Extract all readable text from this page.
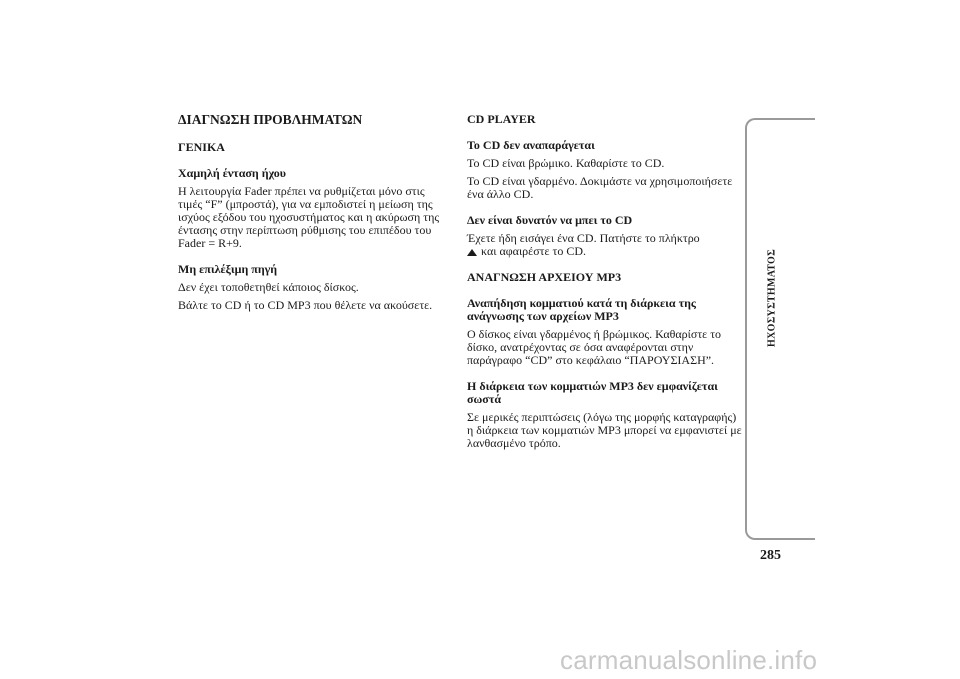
ΔΙΑΓΝΩΣΗ ΠΡΟΒΛΗΜΑΤΩΝ
ΓΕΝΙΚΑ
Χαμηλή ένταση ήχου
Η λειτουργία Fader πρέπει να ρυθμίζεται μόνο στις τιμές “F” (μπροστά), για να εμποδιστεί η μείωση της ισχύος εξόδου του ηχοσυστήματος και η ακύρωση της έντασης στην περίπτωση ρύθμισης του επιπέδου του Fader = R+9.
Μη επιλέξιμη πηγή
Δεν έχει τοποθετηθεί κάποιος δίσκος.
Βάλτε το CD ή το CD MP3 που θέλετε να ακούσετε.
CD PLAYER
Το CD δεν αναπαράγεται
Το CD είναι βρώμικο. Καθαρίστε το CD.
Το CD είναι γδαρμένο. Δοκιμάστε να χρησιμοποιήσετε ένα άλλο CD.
Δεν είναι δυνατόν να μπει το CD
Έχετε ήδη εισάγει ένα CD. Πατήστε το πλήκτρο
και αφαιρέστε το CD.
ΑΝΑΓΝΩΣΗ ΑΡΧΕΙΟΥ MP3
Αναπήδηση κομματιού κατά τη διάρκεια της ανάγνωσης των αρχείων MP3
Ο δίσκος είναι γδαρμένος ή βρώμικος. Καθαρίστε το δίσκο, ανατρέχοντας σε όσα αναφέρονται στην παράγραφο “CD” στο κεφάλαιο “ΠΑΡΟΥΣΙΑΣΗ”.
Η διάρκεια των κομματιών MP3 δεν εμφανίζεται σωστά
Σε μερικές περιπτώσεις (λόγω της μορφής καταγραφής) η διάρκεια των κομματιών MP3 μπορεί να εμφανιστεί με λανθασμένο τρόπο.
ΗΧΟΣΥΣΤΗΜΑΤΟΣ
285
carmanualsonline.info
